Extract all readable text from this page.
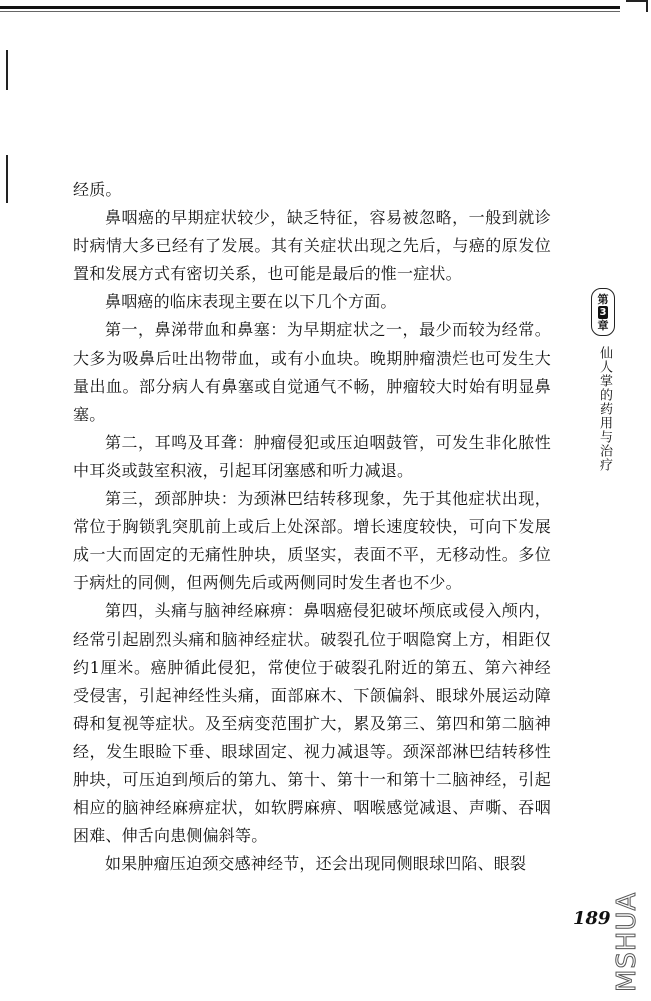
经质。

鼻咽癌的早期症状较少，缺乏特征，容易被忽略，一般到就诊时病情大多已经有了发展。其有关症状出现之先后，与癌的原发位置和发展方式有密切关系，也可能是最后的惟一症状。

鼻咽癌的临床表现主要在以下几个方面。

第一，鼻涕带血和鼻塞：为早期症状之一，最少而较为经常。大多为吸鼻后吐出物带血，或有小血块。晚期肿瘤溃烂也可发生大量出血。部分病人有鼻塞或自觉通气不畅，肿瘤较大时始有明显鼻塞。

第二，耳鸣及耳聋：肿瘤侵犯或压迫咽鼓管，可发生非化脓性中耳炎或鼓室积液，引起耳闭塞感和听力减退。

第三，颈部肿块：为颈淋巴结转移现象，先于其他症状出现，常位于胸锁乳突肌前上或后上处深部。增长速度较快，可向下发展成一大而固定的无痛性肿块，质坚实，表面不平，无移动性。多位于病灶的同侧，但两侧先后或两侧同时发生者也不少。

第四，头痛与脑神经麻痹：鼻咽癌侵犯破坏颅底或侵入颅内，经常引起剧烈头痛和脑神经症状。破裂孔位于咽隐窝上方，相距仅约1厘米。癌肿循此侵犯，常使位于破裂孔附近的第五、第六神经受侵害，引起神经性头痛，面部麻木、下颌偏斜、眼球外展运动障碍和复视等症状。及至病变范围扩大，累及第三、第四和第二脑神经，发生眼睑下垂、眼球固定、视力减退等。颈深部淋巴结转移性肿块，可压迫到颅后的第九、第十、第十一和第十二脑神经，引起相应的脑神经麻痹症状，如软腭麻痹、咽喉感觉减退、声嘶、吞咽困难、伸舌向患侧偏斜等。

如果肿瘤压迫颈交感神经节，还会出现同侧眼球凹陷、眼裂

第
3
章
仙人掌的药用与治疗
189 MSHUA
